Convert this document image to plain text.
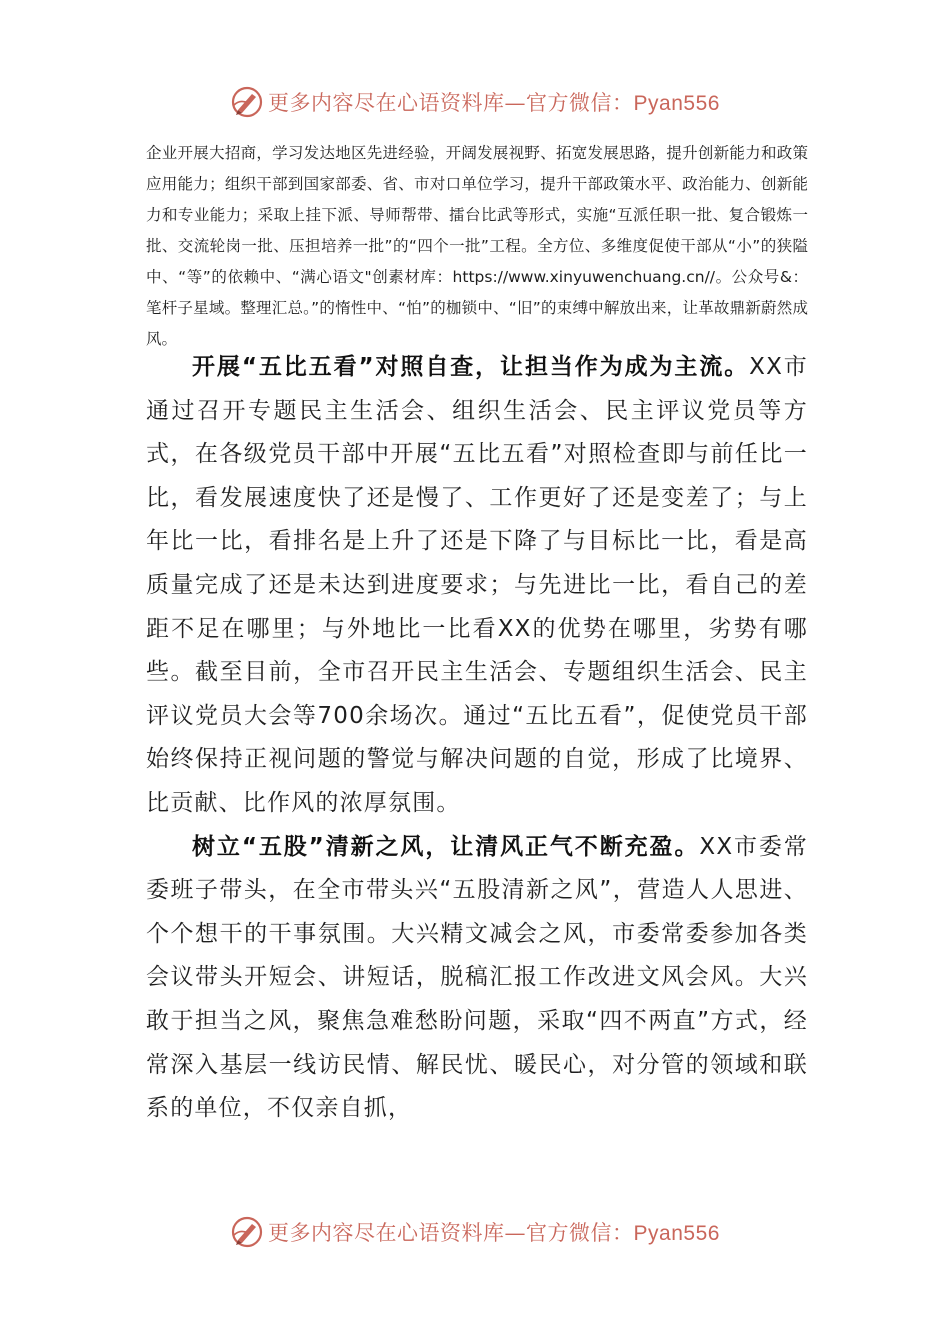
更多内容尽在心语资料库—官方微信：Pyan556
企业开展大招商，学习发达地区先进经验，开阔发展视野、拓宽发展思路，提升创新能力和政策应用能力；组织干部到国家部委、省、市对口单位学习，提升干部政策水平、政治能力、创新能力和专业能力；采取上挂下派、导师帮带、擂台比武等形式，实施“互派任职一批、复合锻炼一批、交流轮岗一批、压担培养一批”的“四个一批”工程。全方位、多维度促使干部从“小”的狭隘中、“等”的依赖中、“满心语文"创素材库：https://www.xinyuwenchuang.cn//。公众号&：笔杆子星域。整理汇总。”的惰性中、“怕”的枷锁中、“旧”的束缚中解放出来，让革故鼎新蔚然成风。

开展“五比五看”对照自查，让担当作为成为主流。XX市通过召开专题民主生活会、组织生活会、民主评议党员等方式，在各级党员干部中开展“五比五看”对照检查即与前任比一比，看发展速度快了还是慢了、工作更好了还是变差了；与上年比一比，看排名是上升了还是下降了与目标比一比，看是高质量完成了还是未达到进度要求；与先进比一比，看自己的差距不足在哪里；与外地比一比看XX的优势在哪里，劣势有哪些。截至目前，全市召开民主生活会、专题组织生活会、民主评议党员大会等700余场次。通过“五比五看”，促使党员干部始终保持正视问题的警觉与解决问题的自觉，形成了比境界、比贡献、比作风的浓厚氛围。

树立“五股”清新之风，让清风正气不断充盈。XX市委常委班子带头，在全市带头兴“五股清新之风”，营造人人思进、个个想干的干事氛围。大兴精文减会之风，市委常委参加各类会议带头开短会、讲短话，脱稿汇报工作改进文风会风。大兴敢于担当之风，聚焦急难愁盼问题，采取“四不两直”方式，经常深入基层一线访民情、解民忧、暖民心，对分管的领域和联系的单位，不仅亲自抓，

更多内容尽在心语资料库—官方微信：Pyan556
